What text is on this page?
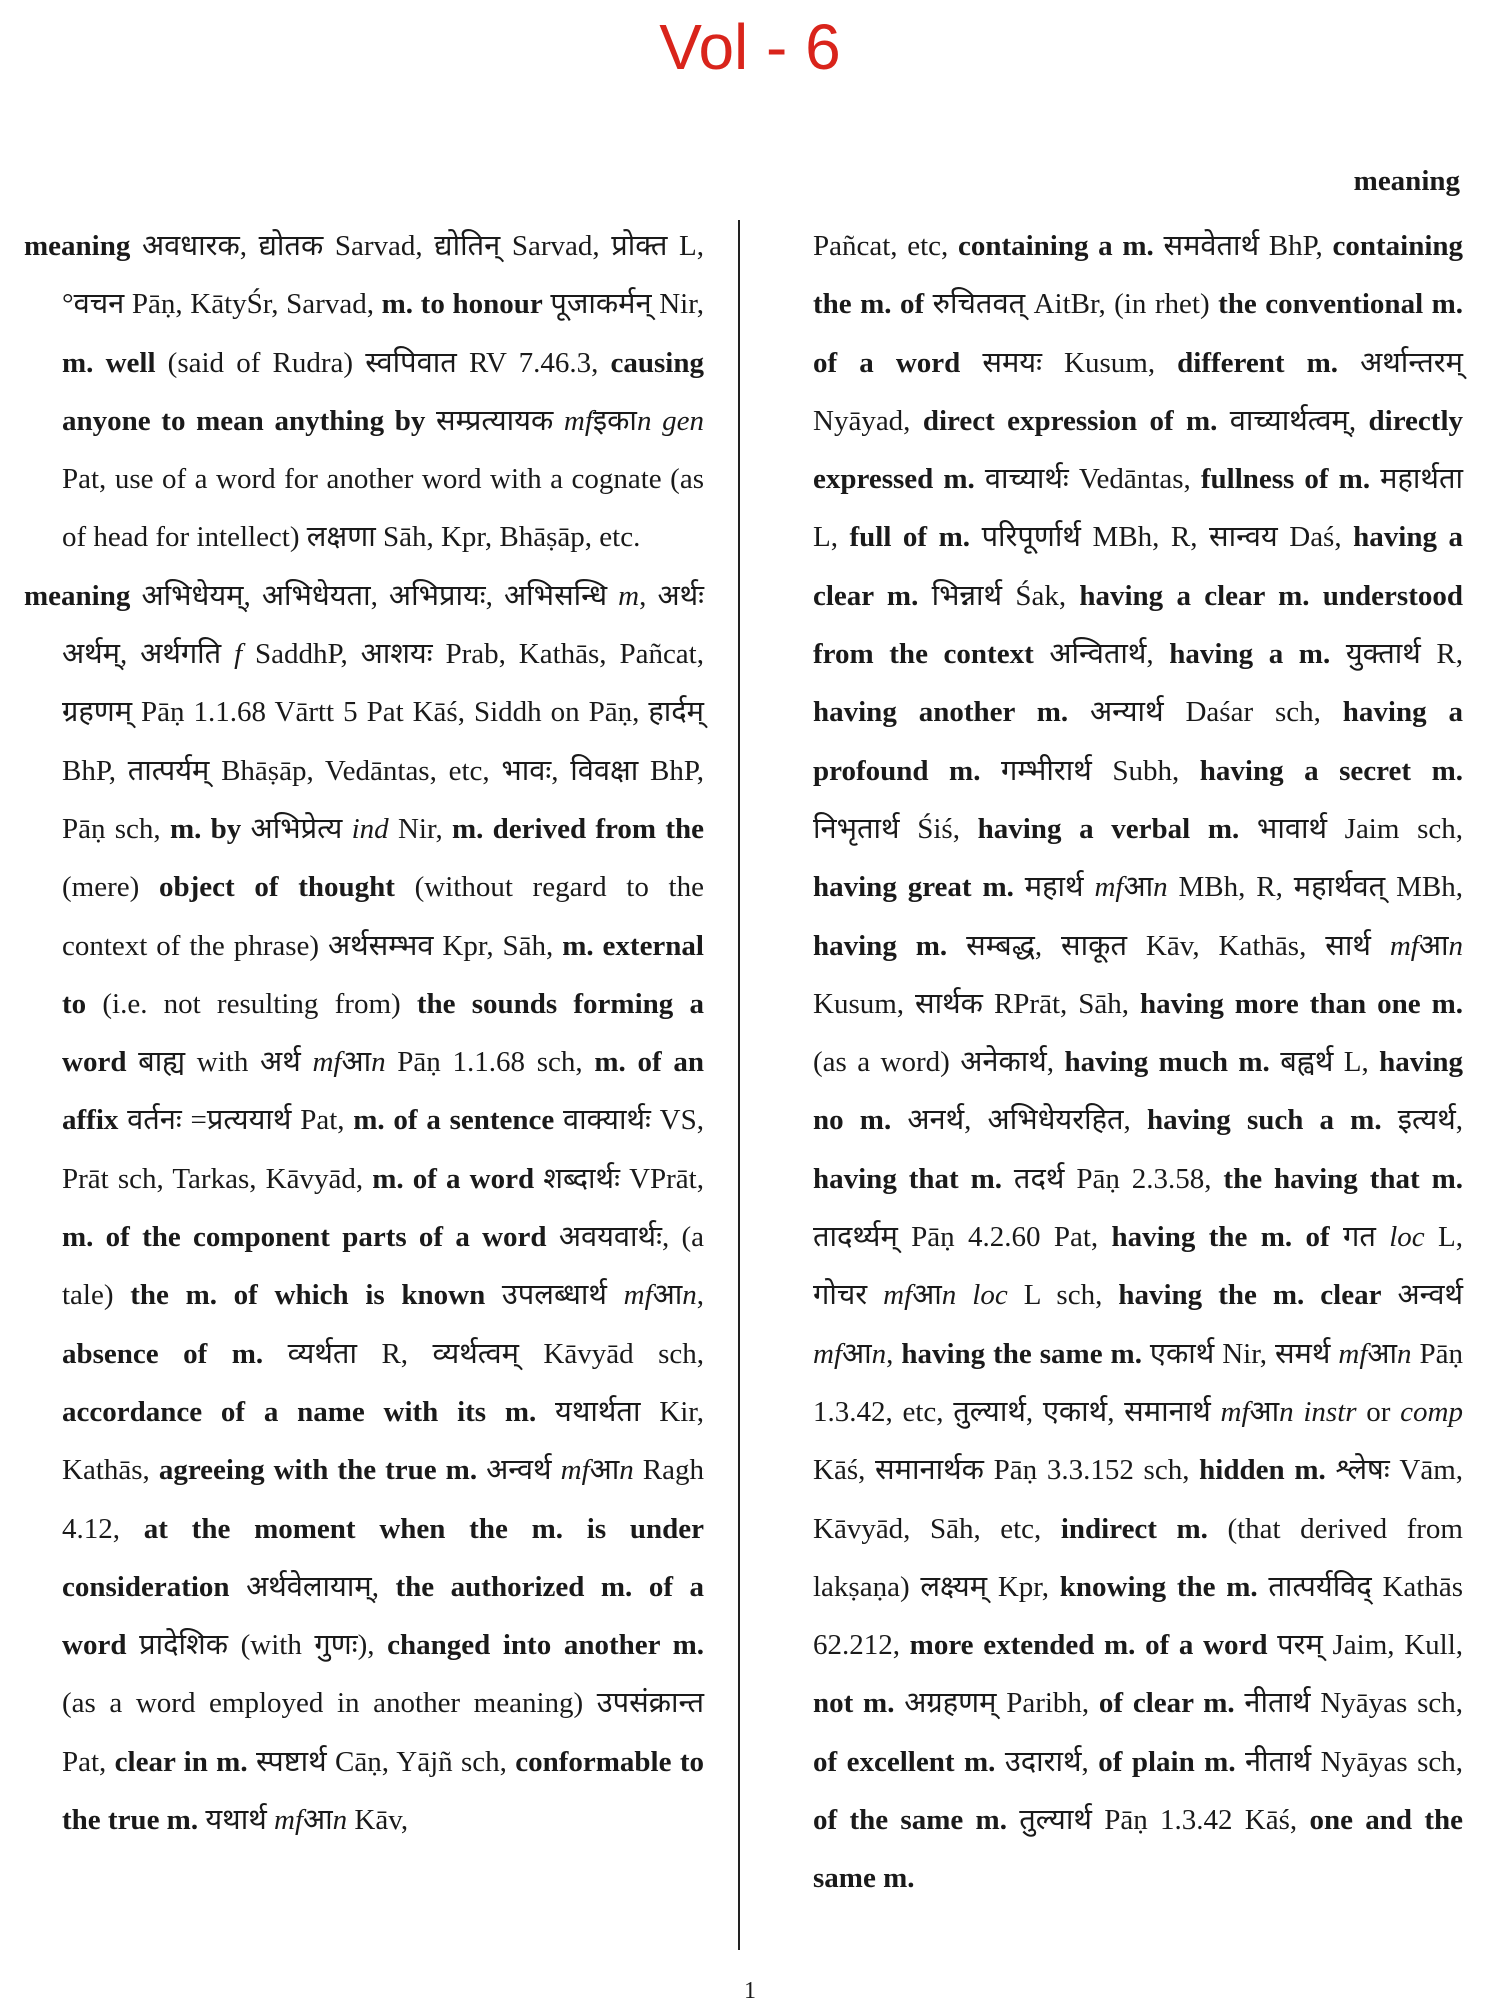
Vol - 6
meaning
meaning अवधारक, द्योतक Sarvad, द्योतिन् Sarvad, प्रोक्त L, °वचन Pāṇ, KātyŚr, Sarvad, m. to honour पूजाकर्मन् Nir, m. well (said of Rudra) स्वपिवात RV 7.46.3, causing anyone to mean anything by सम्प्रत्यायक mfइकाn gen Pat, use of a word for another word with a cognate (as of head for intellect) लक्षणा Sāh, Kpr, Bhāṣāp, etc.
meaning अभिधेयम्, अभिधेयता, अभिप्रायः, अभिसन्धि m, अर्थः अर्थम्, अर्थगति f SaddhP, आशयः Prab, Kathās, Pañcat, ग्रहणम् Pāṇ 1.1.68 Vārtt 5 Pat Kāś, Siddh on Pāṇ, हार्दम् BhP, तात्पर्यम् Bhāṣāp, Vedāntas, etc, भावः, विवक्षा BhP, Pāṇ sch, m. by अभिप्रेत्य ind Nir, m. derived from the (mere) object of thought (without regard to the context of the phrase) अर्थसम्भव Kpr, Sāh, m. external to (i.e. not resulting from) the sounds forming a word बाह्य with अर्थ mfआn Pāṇ 1.1.68 sch, m. of an affix वर्तनः =प्रत्ययार्थ Pat, m. of a sentence वाक्यार्थः VS, Prāt sch, Tarkas, Kāvyād, m. of a word शब्दार्थः VPrāt, m. of the component parts of a word अवयवार्थः, (a tale) the m. of which is known उपलब्धार्थ mfआn, absence of m. व्यर्थता R, व्यर्थत्वम् Kāvyād sch, accordance of a name with its m. यथार्थता Kir, Kathās, agreeing with the true m. अन्वर्थ mfआn Ragh 4.12, at the moment when the m. is under consideration अर्थवेलायाम्, the authorized m. of a word प्रादेशिक (with गुणः), changed into another m. (as a word employed in another meaning) उपसंक्रान्त Pat, clear in m. स्पष्टार्थ Cāṇ, Yājñ sch, conformable to the true m. यथार्थ mfआn Kāv,
Pañcat, etc, containing a m. समवेतार्थ BhP, containing the m. of रुचितवत् AitBr, (in rhet) the conventional m. of a word समयः Kusum, different m. अर्थान्तरम् Nyāyad, direct expression of m. वाच्यार्थत्वम्, directly expressed m. वाच्यार्थः Vedāntas, fullness of m. महार्थता L, full of m. परिपूर्णार्थ MBh, R, सान्वय Daś, having a clear m. भिन्नार्थ Śak, having a clear m. understood from the context अन्वितार्थ, having a m. युक्तार्थ R, having another m. अन्यार्थ Daśar sch, having a profound m. गम्भीरार्थ Subh, having a secret m. निभृतार्थ Śiś, having a verbal m. भावार्थ Jaim sch, having great m. महार्थ mfआn MBh, R, महार्थवत् MBh, having m. सम्बद्ध, साकूत Kāv, Kathās, सार्थ mfआn Kusum, सार्थक RPrāt, Sāh, having more than one m. (as a word) अनेकार्थ, having much m. बह्वर्थ L, having no m. अनर्थ, अभिधेयरहित, having such a m. इत्यर्थ, having that m. तदर्थ Pāṇ 2.3.58, the having that m. तादर्थ्यम् Pāṇ 4.2.60 Pat, having the m. of गत loc L, गोचर mfआn loc L sch, having the m. clear अन्वर्थ mfआn, having the same m. एकार्थ Nir, समर्थ mfआn Pāṇ 1.3.42, etc, तुल्यार्थ, एकार्थ, समानार्थ mfआn instr or comp Kāś, समानार्थक Pāṇ 3.3.152 sch, hidden m. श्लेषः Vām, Kāvyād, Sāh, etc, indirect m. (that derived from lakṣaṇa) लक्ष्यम् Kpr, knowing the m. तात्पर्यविद् Kathās 62.212, more extended m. of a word परम् Jaim, Kull, not m. अग्रहणम् Paribh, of clear m. नीतार्थ Nyāyas sch, of excellent m. उदारार्थ, of plain m. नीतार्थ Nyāyas sch, of the same m. तुल्यार्थ Pāṇ 1.3.42 Kāś, one and the same m.
1
